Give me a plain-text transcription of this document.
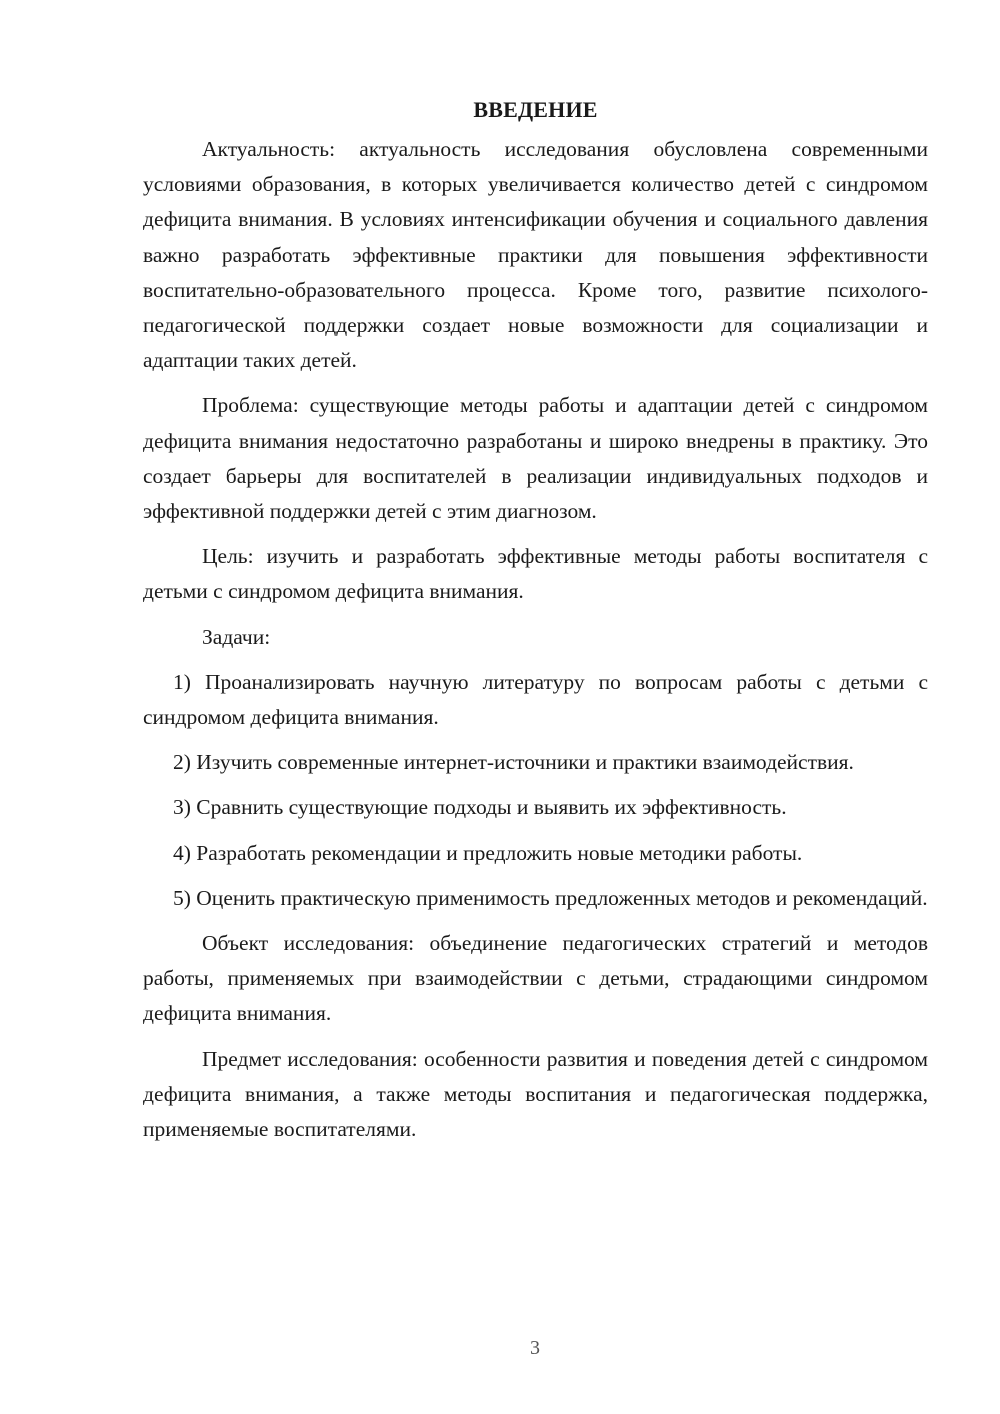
ВВЕДЕНИЕ

Актуальность: актуальность исследования обусловлена современными условиями образования, в которых увеличивается количество детей с синдромом дефицита внимания. В условиях интенсификации обучения и социального давления важно разработать эффективные практики для повышения эффективности воспитательно-образовательного процесса. Кроме того, развитие психолого-педагогической поддержки создает новые возможности для социализации и адаптации таких детей.

Проблема: существующие методы работы и адаптации детей с синдромом дефицита внимания недостаточно разработаны и широко внедрены в практику. Это создает барьеры для воспитателей в реализации индивидуальных подходов и эффективной поддержки детей с этим диагнозом.

Цель: изучить и разработать эффективные методы работы воспитателя с детьми с синдромом дефицита внимания.

Задачи:

1) Проанализировать научную литературу по вопросам работы с детьми с синдромом дефицита внимания.

2) Изучить современные интернет-источники и практики взаимодействия.

3) Сравнить существующие подходы и выявить их эффективность.

4) Разработать рекомендации и предложить новые методики работы.

5) Оценить практическую применимость предложенных методов и рекомендаций.

Объект исследования: объединение педагогических стратегий и методов работы, применяемых при взаимодействии с детьми, страдающими синдромом дефицита внимания.

Предмет исследования: особенности развития и поведения детей с синдромом дефицита внимания, а также методы воспитания и педагогическая поддержка, применяемые воспитателями.

3
